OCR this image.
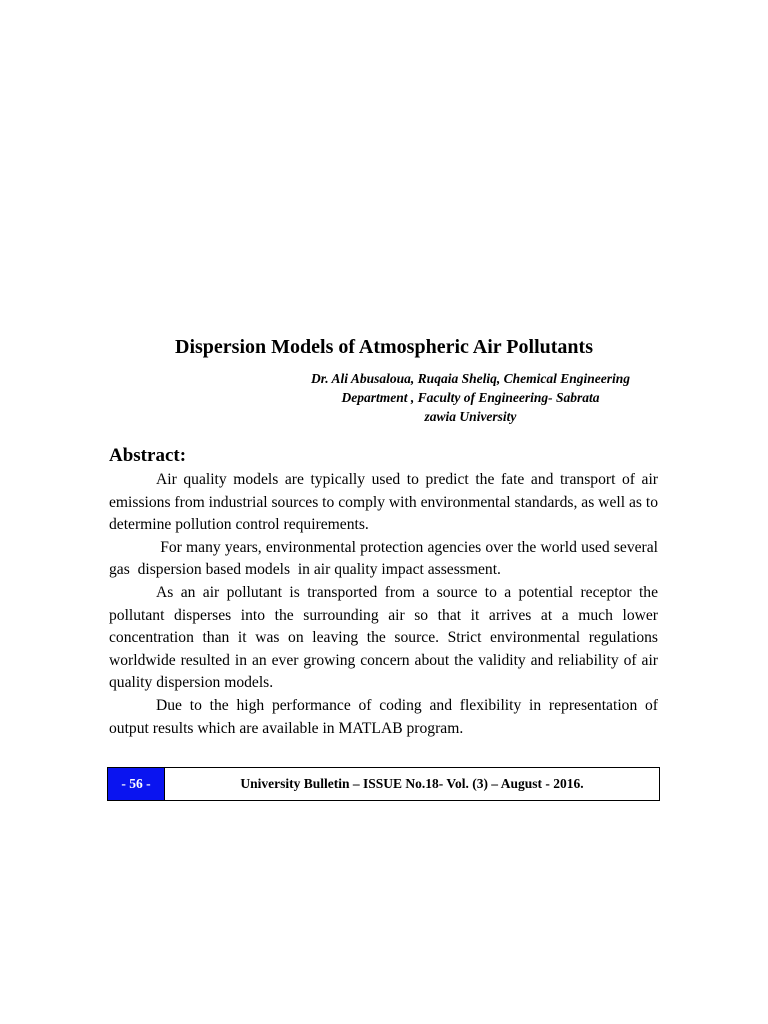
Dispersion Models of Atmospheric Air Pollutants
Dr. Ali Abusaloua, Ruqaia Sheliq, Chemical Engineering
Department , Faculty of Engineering- Sabrata
zawia University
Abstract:

Air quality models are typically used to predict the fate and transport of air emissions from industrial sources to comply with environmental standards, as well as to determine pollution control requirements.

For many years, environmental protection agencies over the world used several gas  dispersion based models  in air quality impact assessment.

As an air pollutant is transported from a source to a potential receptor the pollutant disperses into the surrounding air so that it arrives at a much lower concentration than it was on leaving the source. Strict environmental regulations worldwide resulted in an ever growing concern about the validity and reliability of air quality dispersion models.

Due to the high performance of coding and flexibility in representation of output results which are available in MATLAB program.

- 56 -	University Bulletin – ISSUE No.18- Vol. (3) – August - 2016.
